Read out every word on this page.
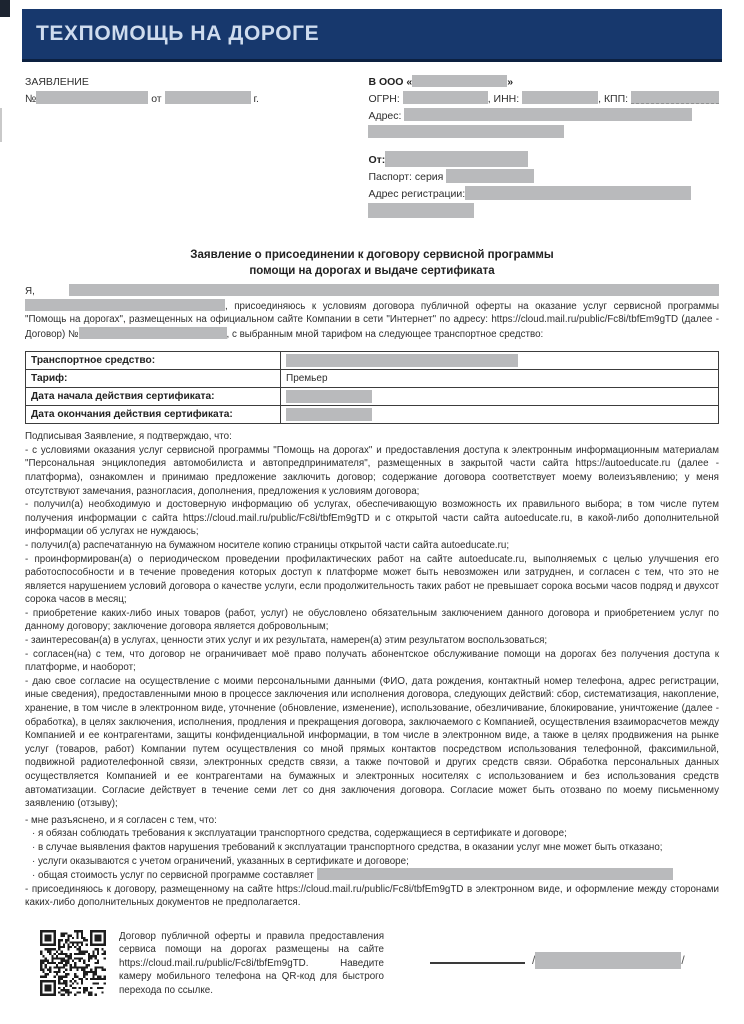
ТЕХПОМОЩЬ НА ДОРОГЕ
ЗАЯВЛЕНИЕ
№	от	г.
В ООО «	»
ОГРН:	, ИНН:	, КПП:
Адрес:
От:
Паспорт: серия
Адрес регистрации:
Заявление о присоединении к договору сервисной программы
помощи на дорогах и выдаче сертификата

Я,  , присоединяюсь к условиям договора публичной оферты на оказание услуг сервисной программы "Помощь на дорогах", размещенных на официальном сайте Компании в сети "Интернет" по адресу: https://cloud.mail.ru/public/Fc8i/tbfEm9gTD (далее - Договор) №	, с выбранным мной тарифом на следующее транспортное средство:

Транспортное средство:	
Тариф:	Премьер
Дата начала действия сертификата:	
Дата окончания действия сертификата:	

Подписывая Заявление, я подтверждаю, что:

- с условиями оказания услуг сервисной программы "Помощь на дорогах" и предоставления доступа к электронным информационным материалам "Персональная энциклопедия автомобилиста и автопредпринимателя", размещенных в закрытой части сайта https://autoeducate.ru (далее - платформа), ознакомлен и принимаю предложение заключить договор; содержание договора соответствует моему волеизъявлению; у меня отсутствуют замечания, разногласия, дополнения, предложения к условиям договора;

- получил(а) необходимую и достоверную информацию об услугах, обеспечивающую возможность их правильного выбора; в том числе путем получения информации с сайта https://cloud.mail.ru/public/Fc8i/tbfEm9gTD и с открытой части сайта autoeducate.ru, в какой-либо дополнительной информации об услугах не нуждаюсь;

- получил(а) распечатанную на бумажном носителе копию страницы открытой части сайта autoeducate.ru;

- проинформирован(а) о периодическом проведении профилактических работ на сайте autoeducate.ru, выполняемых с целью улучшения его работоспособности и в течение проведения которых доступ к платформе может быть невозможен или затруднен, и согласен с тем, что это не является нарушением условий договора о качестве услуги, если продолжительность таких работ не превышает сорока восьми часов подряд и двухсот сорока часов в месяц;

- приобретение каких-либо иных товаров (работ, услуг) не обусловлено обязательным заключением данного договора и приобретением услуг по данному договору; заключение договора является добровольным;

- заинтересован(а) в услугах, ценности этих услуг и их результата, намерен(а) этим результатом воспользоваться;

- согласен(на) с тем, что договор не ограничивает моё право получать абонентское обслуживание помощи на дорогах без получения доступа к платформе, и наоборот;

- даю свое согласие на осуществление с моими персональными данными (ФИО, дата рождения, контактный номер телефона, адрес регистрации, иные сведения), предоставленными мною в процессе заключения или исполнения договора, следующих действий: сбор, систематизация, накопление, хранение, в том числе в электронном виде, уточнение (обновление, изменение), использование, обезличивание, блокирование, уничтожение (далее - обработка), в целях заключения, исполнения, продления и прекращения договора, заключаемого с Компанией, осуществления взаиморасчетов между Компанией и ее контрагентами, защиты конфиденциальной информации, в том числе в электронном виде, а также в целях продвижения на рынке услуг (товаров, работ) Компании путем осуществления со мной прямых контактов посредством использования телефонной, факсимильной, подвижной радиотелефонной связи, электронных средств связи, а также почтовой и других средств связи. Обработка персональных данных осуществляется Компанией и ее контрагентами на бумажных и электронных носителях с использованием и без использования средств автоматизации. Согласие действует в течение семи лет со дня заключения договора. Согласие может быть отозвано по моему письменному заявлению (отзыву);

- мне разъяснено, и я согласен с тем, что:

· я обязан соблюдать требования к эксплуатации транспортного средства, содержащиеся в сертификате и договоре;

· в случае выявления фактов нарушения требований к эксплуатации транспортного средства, в оказании услуг мне может быть отказано;

· услуги оказываются с учетом ограничений, указанных в сертификате и договоре;

· общая стоимость услуг по сервисной программе составляет

- присоединяюсь к договору, размещенному на сайте https://cloud.mail.ru/public/Fc8i/tbfEm9gTD в электронном виде, и оформление между сторонами каких-либо дополнительных документов не предполагается.

Договор публичной оферты и правила предоставления сервиса помощи на дорогах размещены на сайте https://cloud.mail.ru/public/Fc8i/tbfEm9gTD. Наведите камеру мобильного телефона на QR-код для быстрого перехода по ссылке.
/	/
